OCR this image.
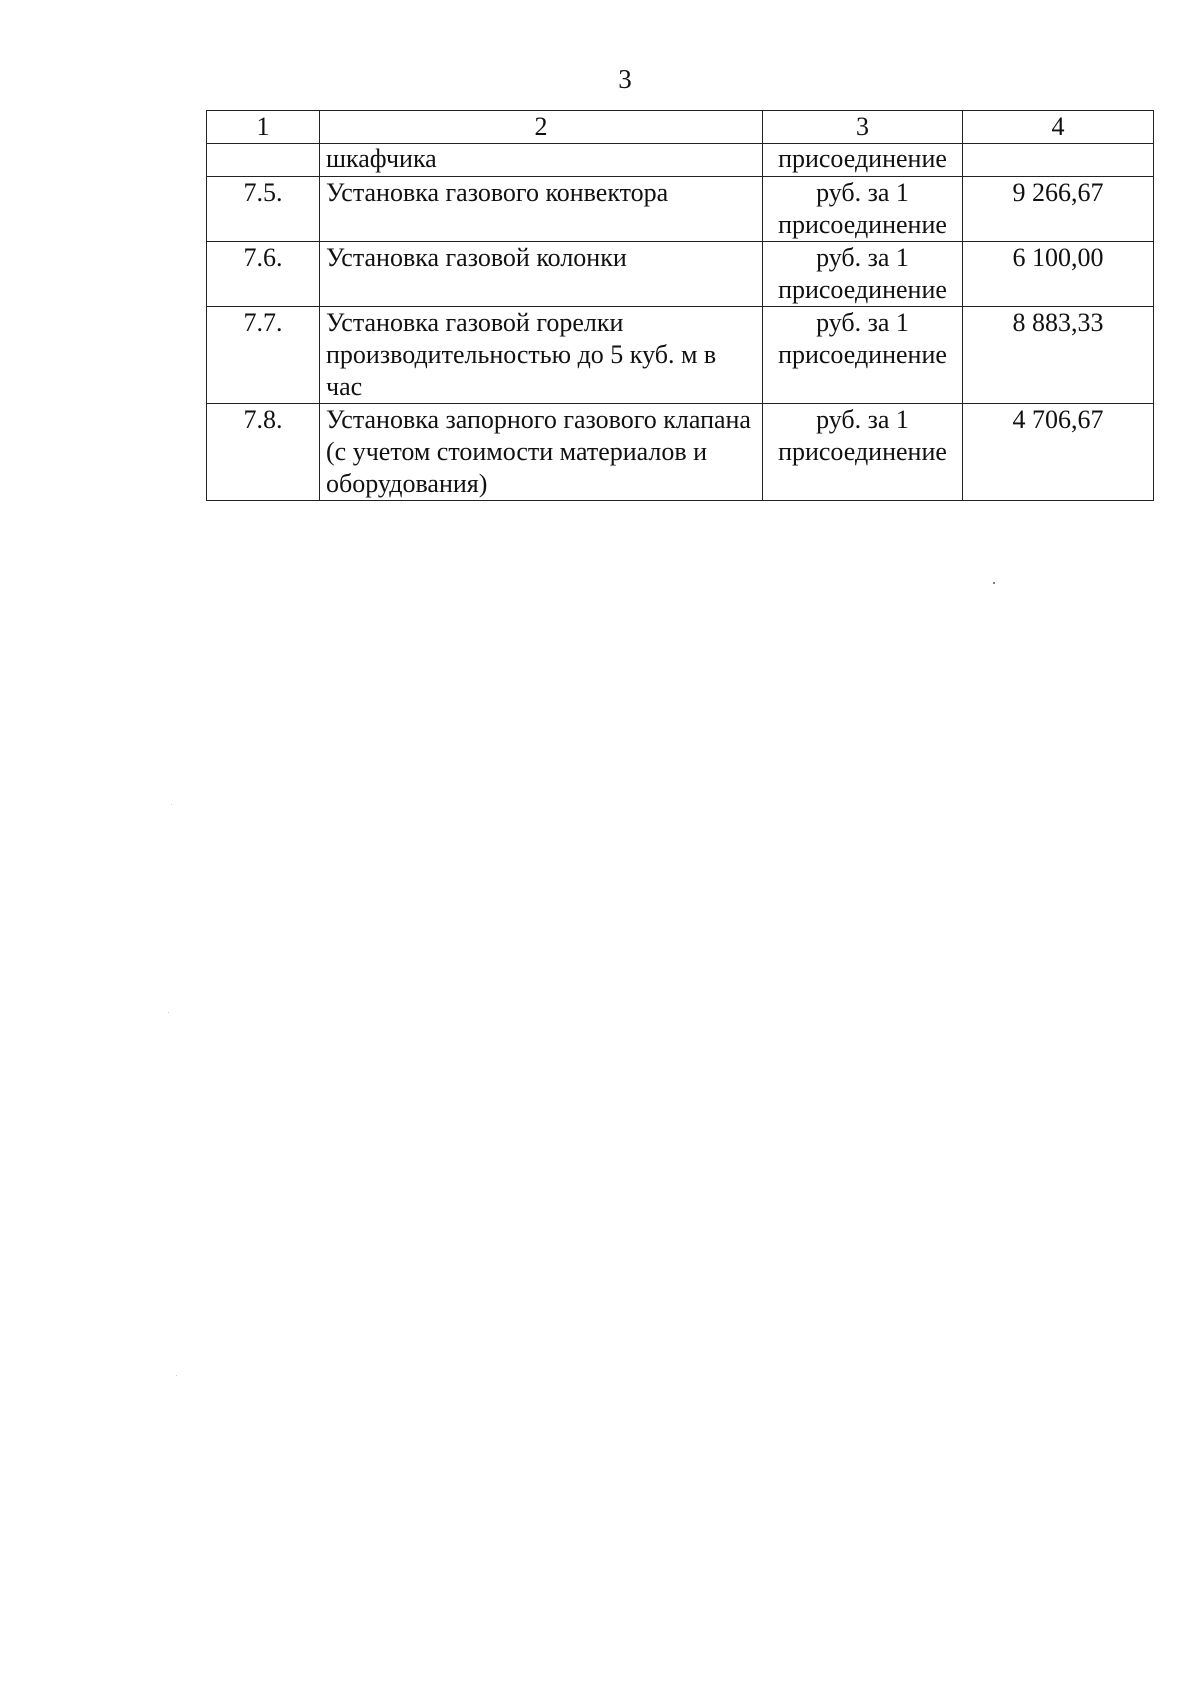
3
1	2	3	4
	шкафчика	присоединение	
7.5.	Установка газового конвектора	руб. за 1
присоединение	9 266,67
7.6.	Установка газовой колонки	руб. за 1
присоединение	6 100,00
7.7.	Установка газовой горелки производительностью до 5 куб. м в час	руб. за 1
присоединение	8 883,33
7.8.	Установка запорного газового клапана (с учетом стоимости материалов и оборудования)	руб. за 1
присоединение	4 706,67
